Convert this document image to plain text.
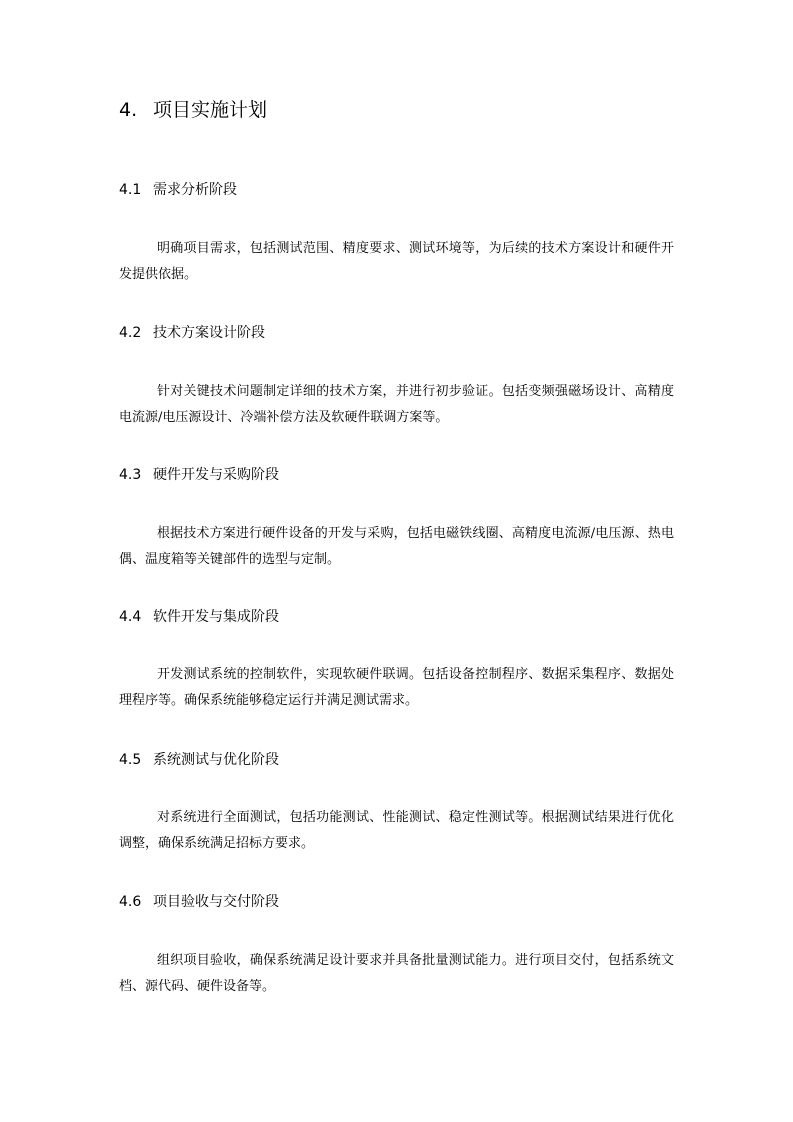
4. 项目实施计划
4.1 需求分析阶段

明确项目需求，包括测试范围、精度要求、测试环境等，为后续的技术方案设计和硬件开发提供依据。

4.2 技术方案设计阶段

针对关键技术问题制定详细的技术方案，并进行初步验证。包括变频强磁场设计、高精度电流源/电压源设计、冷端补偿方法及软硬件联调方案等。

4.3 硬件开发与采购阶段

根据技术方案进行硬件设备的开发与采购，包括电磁铁线圈、高精度电流源/电压源、热电偶、温度箱等关键部件的选型与定制。

4.4 软件开发与集成阶段

开发测试系统的控制软件，实现软硬件联调。包括设备控制程序、数据采集程序、数据处理程序等。确保系统能够稳定运行并满足测试需求。

4.5 系统测试与优化阶段

对系统进行全面测试，包括功能测试、性能测试、稳定性测试等。根据测试结果进行优化调整，确保系统满足招标方要求。

4.6 项目验收与交付阶段

组织项目验收，确保系统满足设计要求并具备批量测试能力。进行项目交付，包括系统文档、源代码、硬件设备等。
